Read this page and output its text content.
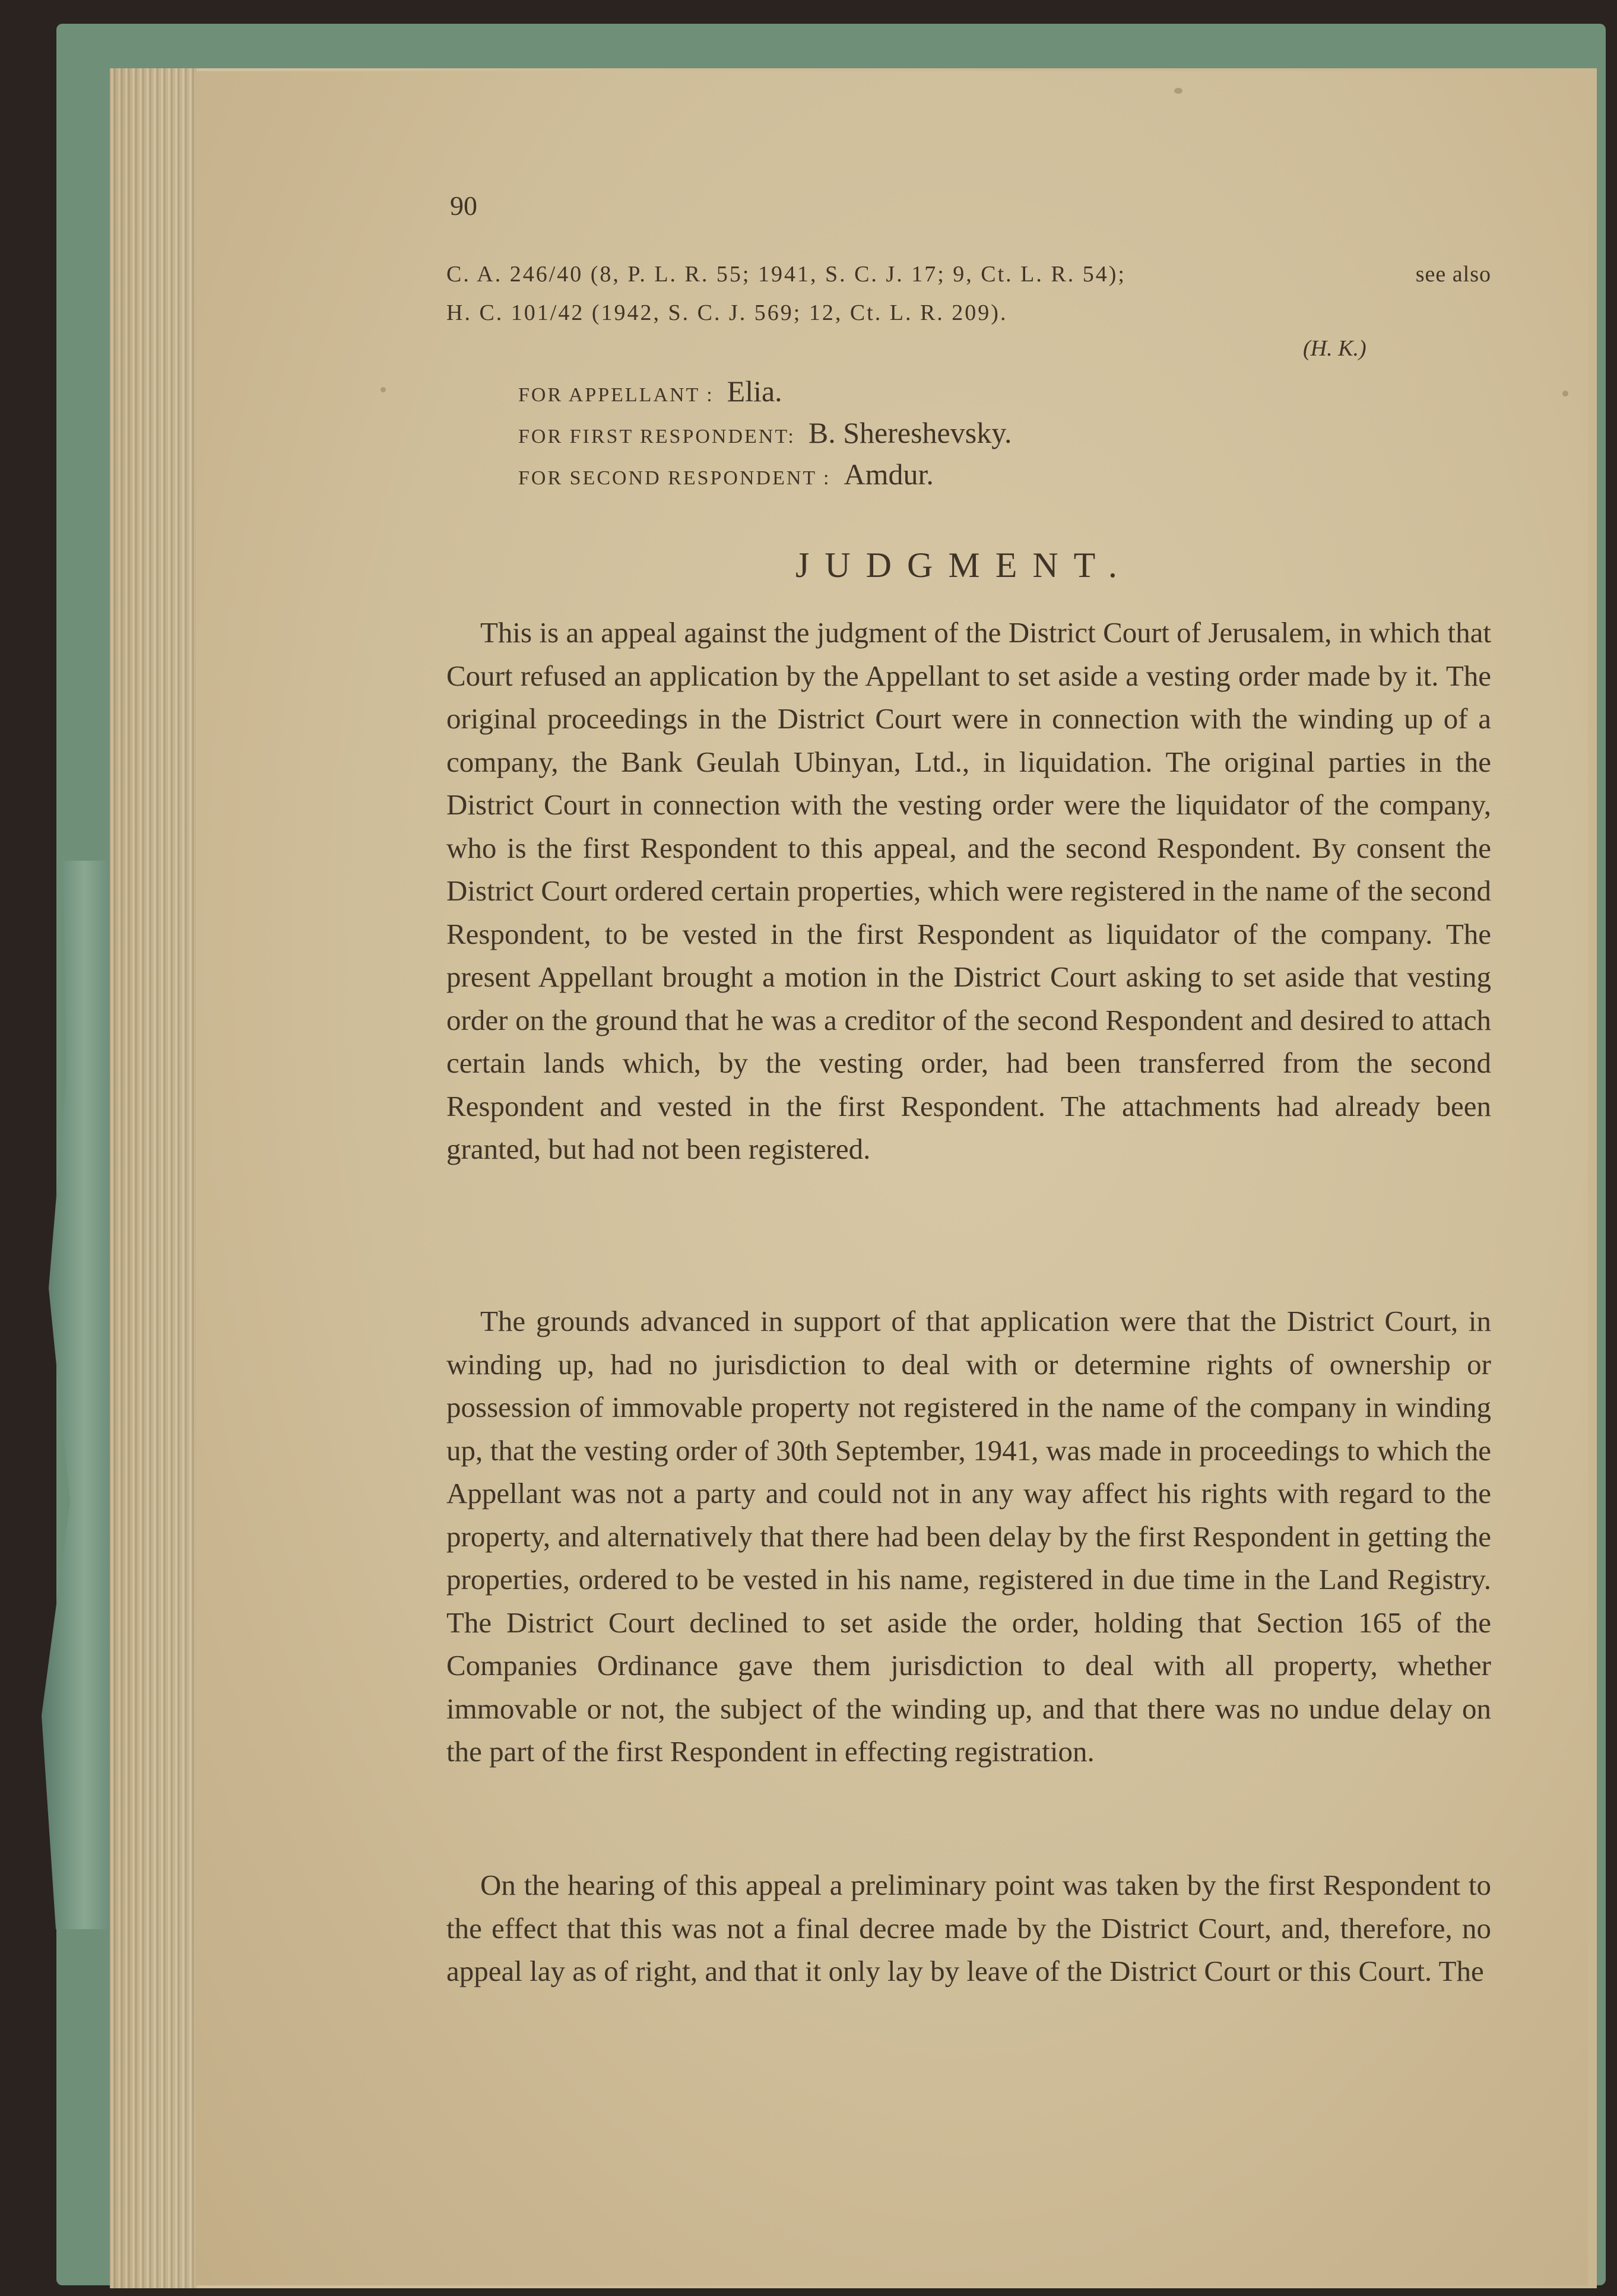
90
C. A. 246/40 (8, P. L. R. 55; 1941, S. C. J. 17; 9, Ct. L. R. 54);	see also
H. C. 101/42 (1942, S. C. J. 569; 12, Ct. L. R. 209).
(H. K.)
FOR APPELLANT : Elia.
FOR FIRST RESPONDENT: B. Shereshevsky.
FOR SECOND RESPONDENT : Amdur.
JUDGMENT.

This is an appeal against the judgment of the District Court of Jerusalem, in which that Court refused an application by the Appellant to set aside a vesting order made by it. The original proceedings in the District Court were in connection with the winding up of a company, the Bank Geulah Ubinyan, Ltd., in liquidation. The original parties in the District Court in connection with the vesting order were the liquidator of the company, who is the first Respondent to this appeal, and the second Respondent. By consent the District Court ordered certain properties, which were registered in the name of the second Respondent, to be vested in the first Respondent as liquidator of the company. The present Appellant brought a motion in the District Court asking to set aside that vesting order on the ground that he was a creditor of the second Respondent and desired to attach certain lands which, by the vesting order, had been transferred from the second Respondent and vested in the first Respondent. The attachments had already been granted, but had not been registered.

The grounds advanced in support of that application were that the District Court, in winding up, had no jurisdiction to deal with or determine rights of ownership or possession of immovable property not registered in the name of the company in winding up, that the vesting order of 30th September, 1941, was made in proceedings to which the Appellant was not a party and could not in any way affect his rights with regard to the property, and alternatively that there had been delay by the first Respondent in getting the properties, ordered to be vested in his name, registered in due time in the Land Registry. The District Court declined to set aside the order, holding that Section 165 of the Companies Ordinance gave them jurisdiction to deal with all property, whether immovable or not, the subject of the winding up, and that there was no undue delay on the part of the first Respondent in effecting registration.

On the hearing of this appeal a preliminary point was taken by the first Respondent to the effect that this was not a final decree made by the District Court, and, therefore, no appeal lay as of right, and that it only lay by leave of the District Court or this Court. The
